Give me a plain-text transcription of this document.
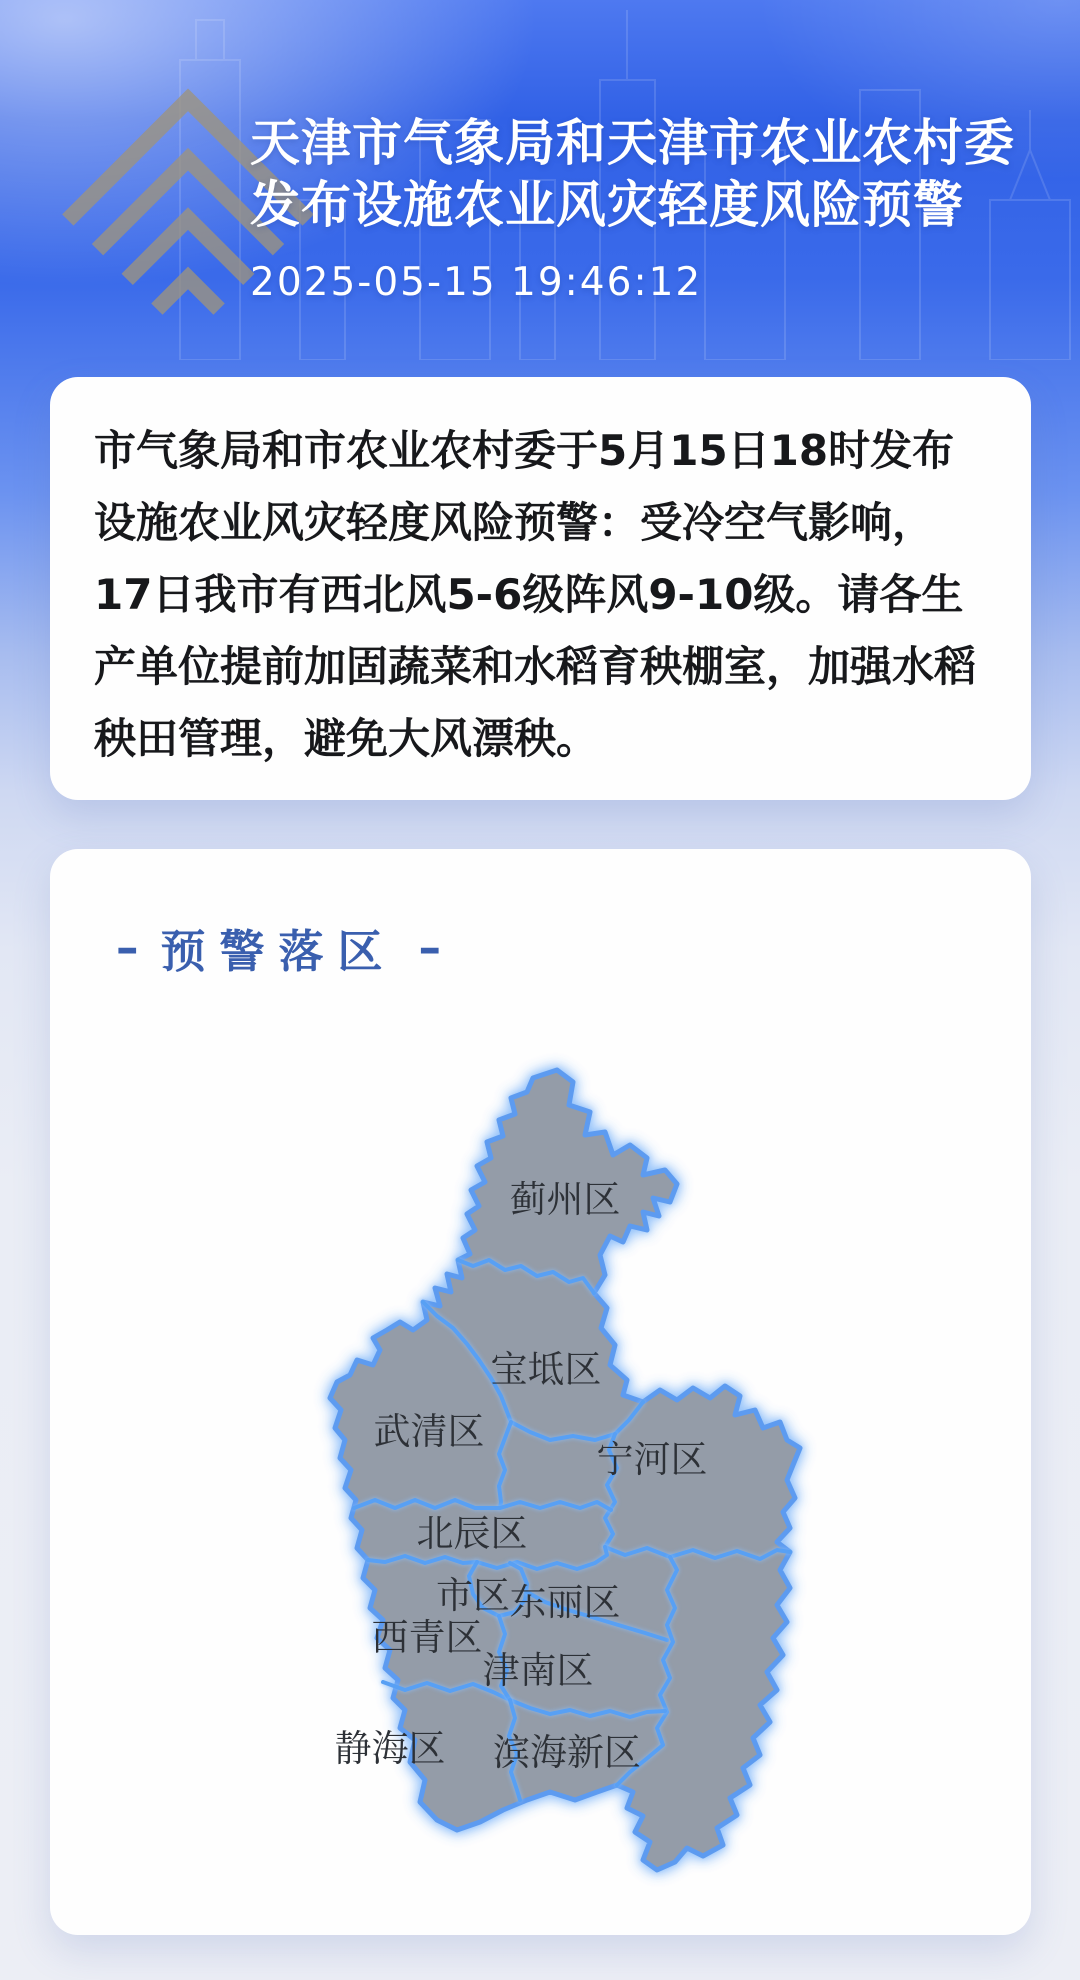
天津市气象局和天津市农业农村委
发布设施农业风灾轻度风险预警
2025-05-15 19:46:12

市气象局和市农业农村委于5月15日18时发布设施农业风灾轻度风险预警：受冷空气影响，17日我市有西北风5-6级阵风9-10级。请各生产单位提前加固蔬菜和水稻育秧棚室，加强水稻秧田管理，避免大风漂秧。

– 预警落区 –
蓟州区
宝坻区
武清区
宁河区
北辰区
市区 东丽区
西青区
津南区
静海区 滨海新区
